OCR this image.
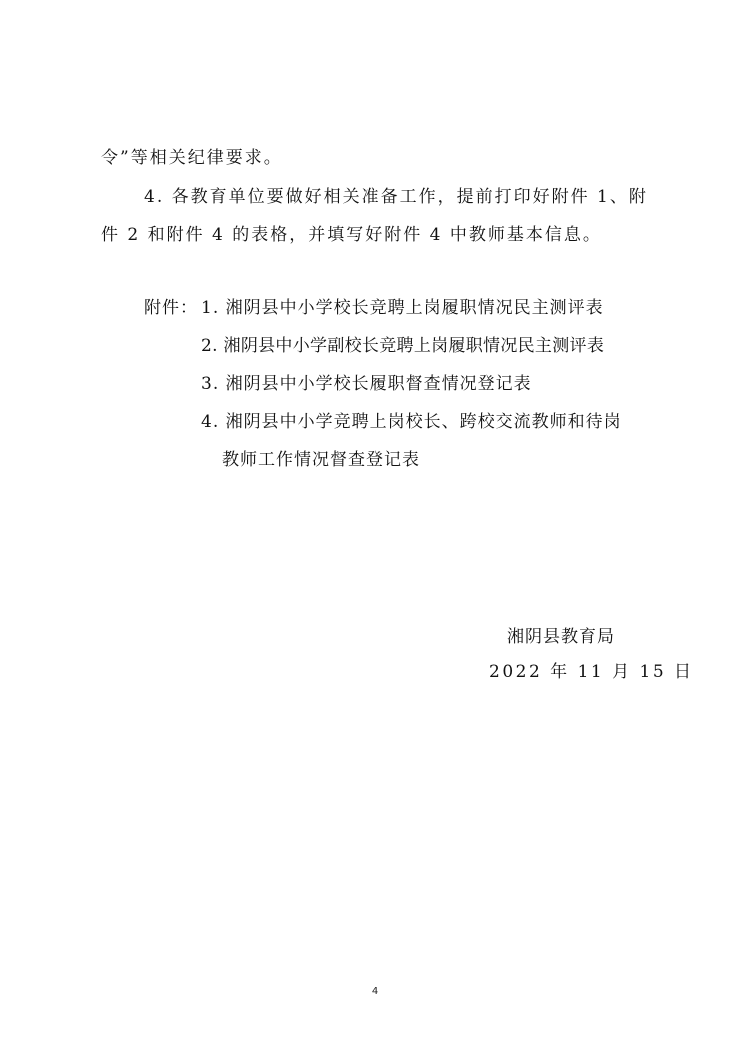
令”等相关纪律要求。
4. 各教育单位要做好相关准备工作，提前打印好附件 1、附
件 2 和附件 4 的表格，并填写好附件 4 中教师基本信息。
附件： 1. 湘阴县中小学校长竞聘上岗履职情况民主测评表
2. 湘阴县中小学副校长竞聘上岗履职情况民主测评表
3. 湘阴县中小学校长履职督查情况登记表
4. 湘阴县中小学竞聘上岗校长、跨校交流教师和待岗
教师工作情况督查登记表
湘阴县教育局
2022 年 11 月 15 日
4
